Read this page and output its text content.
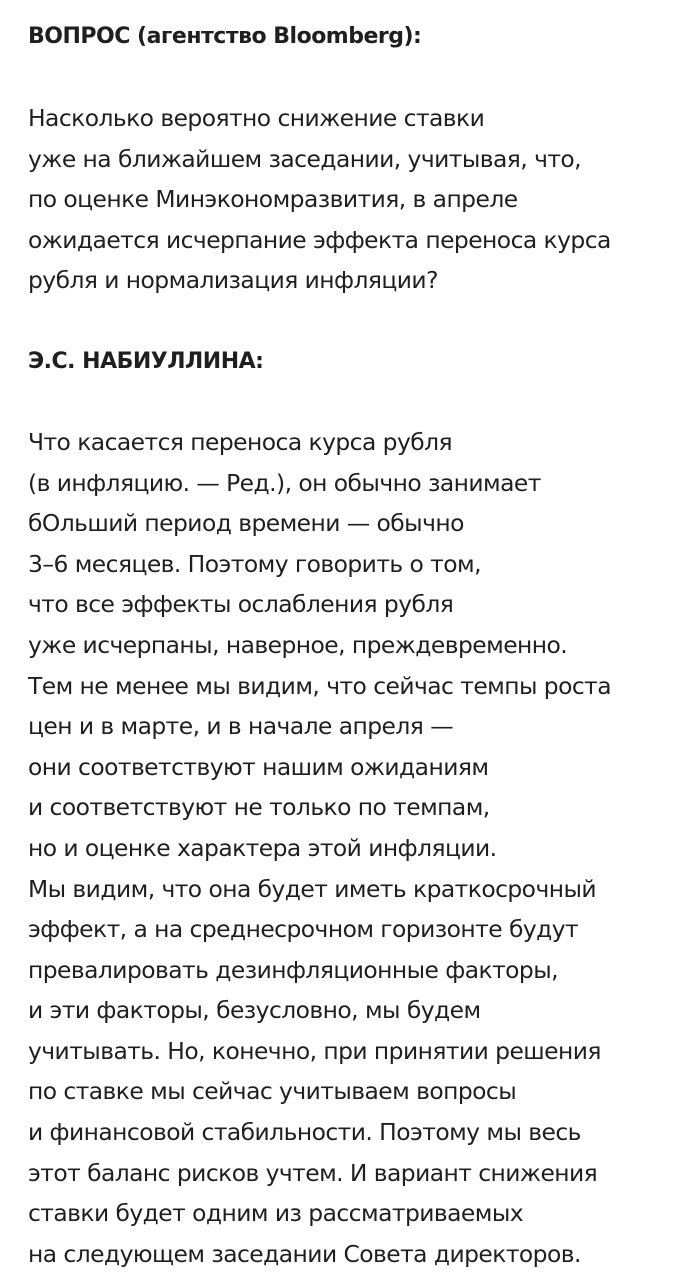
ВОПРОС (агентство Bloomberg):

Насколько вероятно снижение ставки
уже на ближайшем заседании, учитывая, что,
по оценке Минэкономразвития, в апреле
ожидается исчерпание эффекта переноса курса
рубля и нормализация инфляции?

Э.С. НАБИУЛЛИНА:

Что касается переноса курса рубля
(в инфляцию. — Ред.), он обычно занимает
бОльший период времени — обычно
3–6 месяцев. Поэтому говорить о том,
что все эффекты ослабления рубля
уже исчерпаны, наверное, преждевременно.
Тем не менее мы видим, что сейчас темпы роста
цен и в марте, и в начале апреля —
они соответствуют нашим ожиданиям
и соответствуют не только по темпам,
но и оценке характера этой инфляции.
Мы видим, что она будет иметь краткосрочный
эффект, а на среднесрочном горизонте будут
превалировать дезинфляционные факторы,
и эти факторы, безусловно, мы будем
учитывать. Но, конечно, при принятии решения
по ставке мы сейчас учитываем вопросы
и финансовой стабильности. Поэтому мы весь
этот баланс рисков учтем. И вариант снижения
ставки будет одним из рассматриваемых
на следующем заседании Совета директоров.
